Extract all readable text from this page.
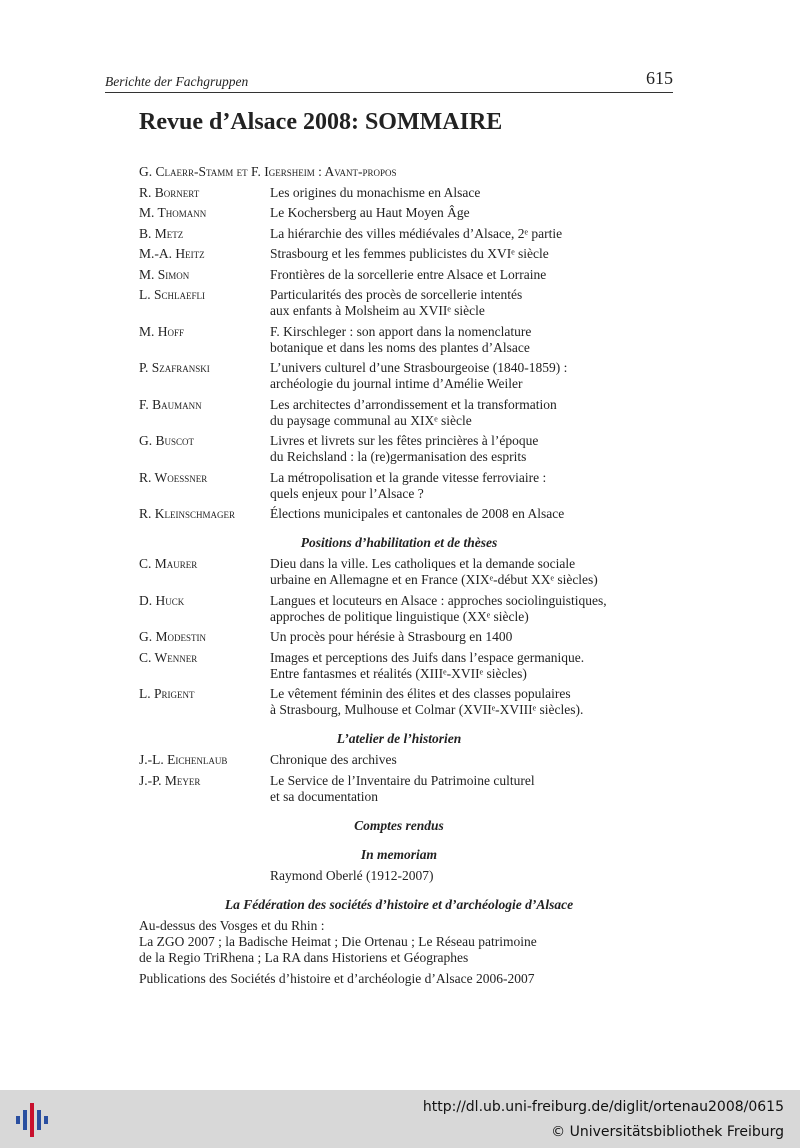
Berichte der Fachgruppen	615
Revue d’Alsace 2008: SOMMAIRE
G. Claerr-Stamm et F. Igersheim : Avant-propos
R. Bornert	Les origines du monachisme en Alsace
M. Thomann	Le Kochersberg au Haut Moyen Âge
B. Metz	La hiérarchie des villes médiévales d’Alsace, 2ᵉ partie
M.-A. Heitz	Strasbourg et les femmes publicistes du XVIᵉ siècle
M. Simon	Frontières de la sorcellerie entre Alsace et Lorraine
L. Schlaefli	Particularités des procès de sorcellerie intentés
aux enfants à Molsheim au XVIIᵉ siècle
M. Hoff	F. Kirschleger : son apport dans la nomenclature
botanique et dans les noms des plantes d’Alsace
P. Szafranski	L’univers culturel d’une Strasbourgeoise (1840-1859) :
archéologie du journal intime d’Amélie Weiler
F. Baumann	Les architectes d’arrondissement et la transformation
du paysage communal au XIXᵉ siècle
G. Buscot	Livres et livrets sur les fêtes princières à l’époque
du Reichsland : la (re)germanisation des esprits
R. Woessner	La métropolisation et la grande vitesse ferroviaire :
quels enjeux pour l’Alsace ?
R. Kleinschmager	Élections municipales et cantonales de 2008 en Alsace
Positions d’habilitation et de thèses
C. Maurer	Dieu dans la ville. Les catholiques et la demande sociale
urbaine en Allemagne et en France (XIXᵉ-début XXᵉ siècles)
D. Huck	Langues et locuteurs en Alsace : approches sociolinguistiques,
approches de politique linguistique (XXᵉ siècle)
G. Modestin	Un procès pour hérésie à Strasbourg en 1400
C. Wenner	Images et perceptions des Juifs dans l’espace germanique.
Entre fantasmes et réalités (XIIIᵉ-XVIIᵉ siècles)
L. Prigent	Le vêtement féminin des élites et des classes populaires
à Strasbourg, Mulhouse et Colmar (XVIIᵉ-XVIIIᵉ siècles).
L’atelier de l’historien
J.-L. Eichenlaub	Chronique des archives
J.-P. Meyer	Le Service de l’Inventaire du Patrimoine culturel
et sa documentation
Comptes rendus
In memoriam
Raymond Oberlé (1912-2007)
La Fédération des sociétés d’histoire et d’archéologie d’Alsace
Au-dessus des Vosges et du Rhin :
La ZGO 2007 ; la Badische Heimat ; Die Ortenau ; Le Réseau patrimoine
de la Regio TriRhena ; La RA dans Historiens et Géographes
Publications des Sociétés d’histoire et d’archéologie d’Alsace 2006-2007
http://dl.ub.uni-freiburg.de/diglit/ortenau2008/0615
© Universitätsbibliothek Freiburg
